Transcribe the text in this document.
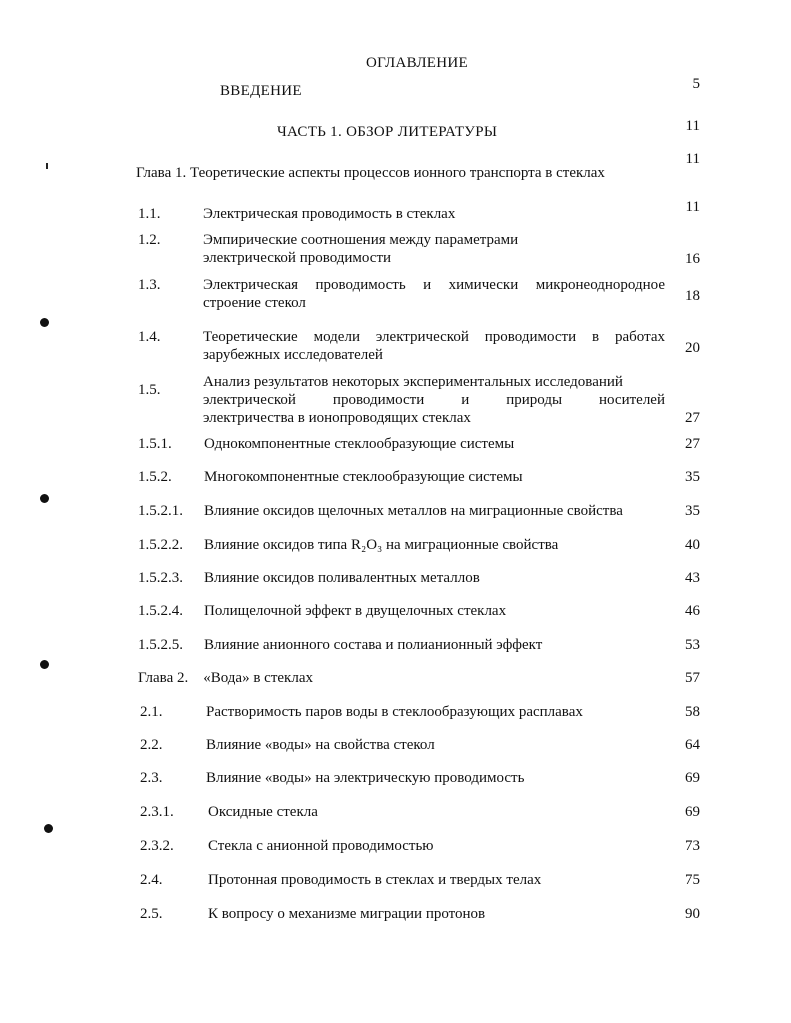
ОГЛАВЛЕНИЕ
ВВЕДЕНИЕ	5
ЧАСТЬ 1. ОБЗОР ЛИТЕРАТУРЫ	11
Глава 1. Теоретические аспекты процессов ионного транспорта в стеклах
11
1.1.	Электрическая проводимость в стеклах	11
1.2.	Эмпирические соотношения между параметрами
электрической проводимости	16
1.3.	Электрическая проводимость и химически микронеоднородное
строение стекол	18
1.4.	Теоретические модели электрической проводимости в работах
зарубежных исследователей	20
1.5.	Анализ результатов некоторых экспериментальных исследований
электрической проводимости и природы носителей
электричества в ионопроводящих стеклах	27
1.5.1. Однокомпонентные стеклообразующие системы	27
1.5.2. Многокомпонентные стеклообразующие системы	35
1.5.2.1. Влияние оксидов щелочных металлов на миграционные свойства	35
1.5.2.2. Влияние оксидов типа R₂O₃ на миграционные свойства	40
1.5.2.3. Влияние оксидов поливалентных металлов	43
1.5.2.4. Полищелочной эффект в двущелочных стеклах	46
1.5.2.5. Влияние анионного состава и полианионный эффект	53
Глава 2.    «Вода» в стеклах	57
2.1.	Растворимость паров воды в стеклообразующих расплавах	58
2.2.	Влияние «воды» на свойства стекол	64
2.3.	Влияние «воды» на электрическую проводимость	69
2.3.1. Оксидные стекла	69
2.3.2. Стекла с анионной проводимостью	73
2.4.	Протонная проводимость в стеклах и твердых телах	75
2.5.	К вопросу о механизме миграции протонов	90
